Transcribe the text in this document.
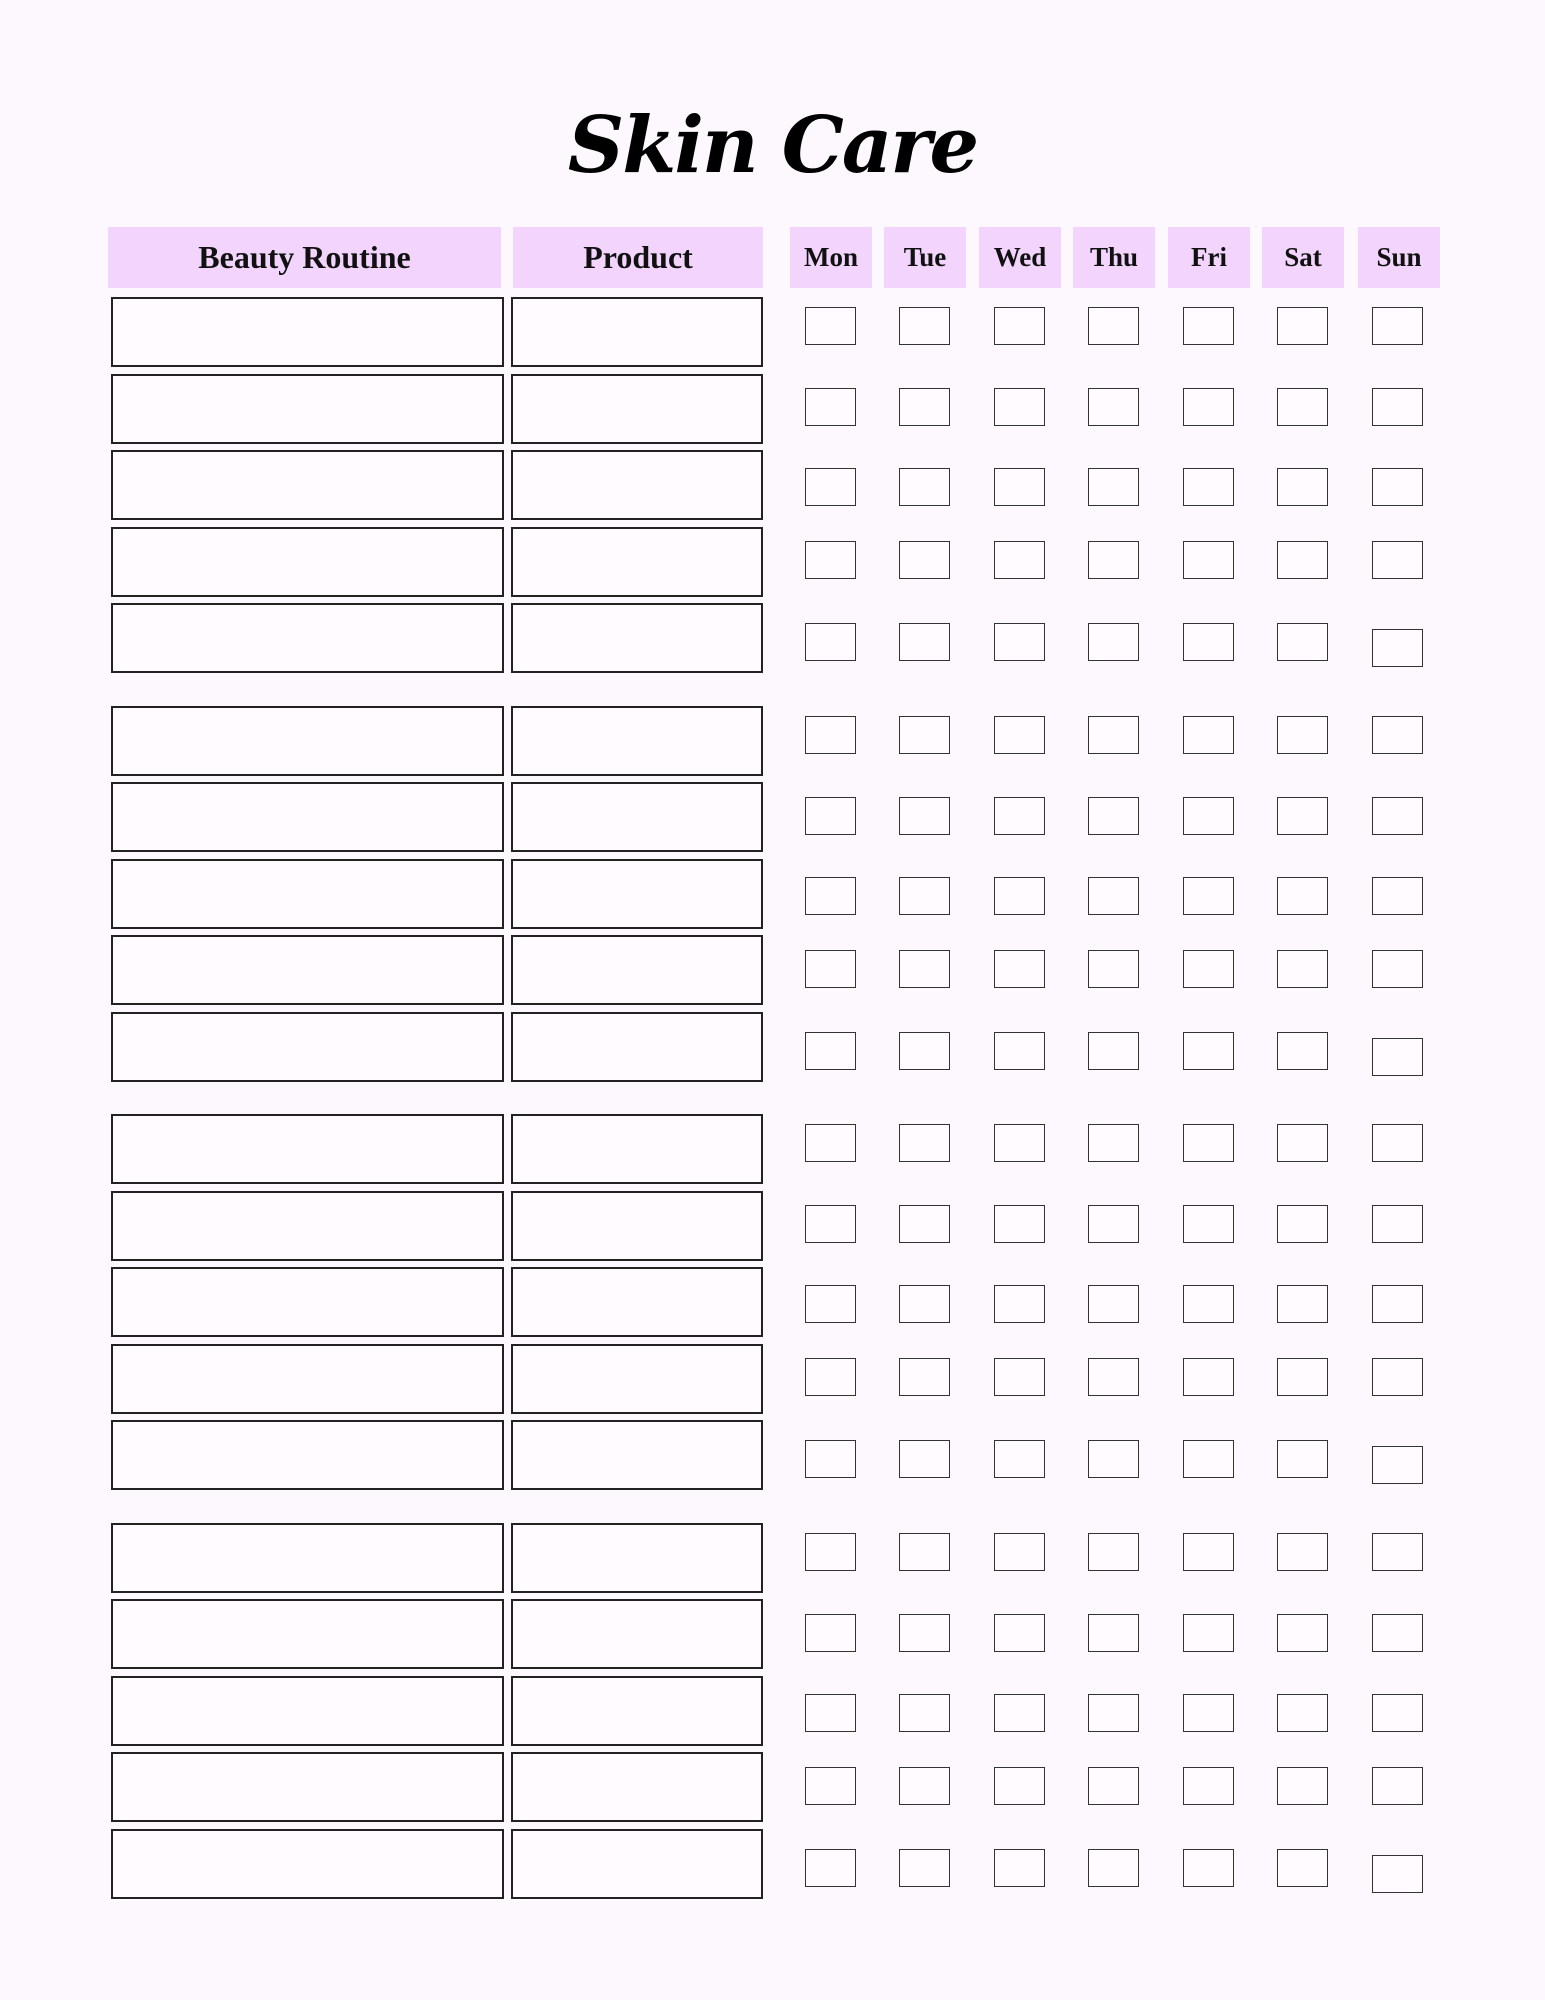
Skin Care
Beauty Routine	Product	Mon	Tue	Wed	Thu	Fri	Sat	Sun
